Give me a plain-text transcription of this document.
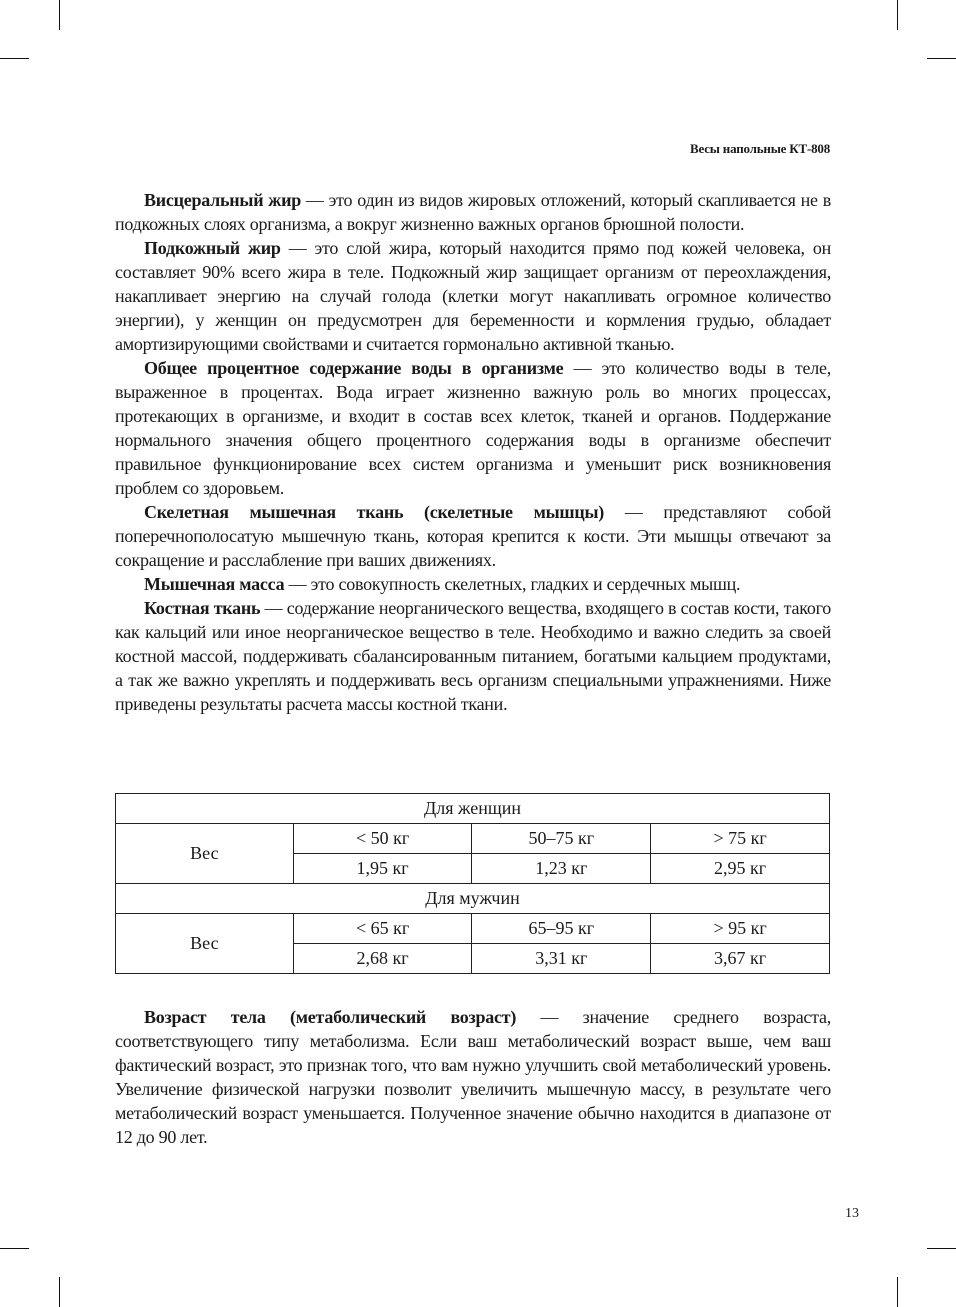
Весы напольные КТ-808

Висцеральный жир — это один из видов жировых отложений, который скапливается не в подкожных слоях организма, а вокруг жизненно важных органов брюшной полости.

Подкожный жир — это слой жира, который находится прямо под кожей человека, он составляет 90% всего жира в теле. Подкожный жир защищает организм от переохлаждения, накапливает энергию на случай голода (клетки могут накапливать огромное количество энергии), у женщин он предусмотрен для беременности и кормления грудью, обладает амортизирующими свойствами и считается гормонально активной тканью.

Общее процентное содержание воды в организме — это количество воды в теле, выраженное в процентах. Вода играет жизненно важную роль во многих процессах, протекающих в организме, и входит в состав всех клеток, тканей и органов. Поддержание нормального значения общего процентного содержания воды в организме обеспечит правильное функционирование всех систем организма и уменьшит риск возникновения проблем со здоровьем.

Скелетная мышечная ткань (скелетные мышцы) — представляют собой поперечнополосатую мышечную ткань, которая крепится к кости. Эти мышцы отвечают за сокращение и расслабление при ваших движениях.

Мышечная масса — это совокупность скелетных, гладких и сердечных мышц.

Костная ткань — содержание неорганического вещества, входящего в состав кости, такого как кальций или иное неорганическое вещество в теле. Необходимо и важно следить за своей костной массой, поддерживать сбалансированным питанием, богатыми кальцием продуктами, а так же важно укреплять и поддерживать весь организм специальными упражнениями. Ниже приведены результаты расчета массы костной ткани.

Для женщин			
Вес	< 50 кг	50–75 кг	> 75 кг
	1,95 кг	1,23 кг	2,95 кг
Для мужчин			
Вес	< 65 кг	65–95 кг	> 95 кг
	2,68 кг	3,31 кг	3,67 кг

Возраст тела (метаболический возраст) — значение среднего возраста, соответствующего типу метаболизма. Если ваш метаболический возраст выше, чем ваш фактический возраст, это признак того, что вам нужно улучшить свой метаболический уровень. Увеличение физической нагрузки позволит увеличить мышечную массу, в результате чего метаболический возраст уменьшается. Полученное значение обычно находится в диапазоне от 12 до 90 лет.

13
